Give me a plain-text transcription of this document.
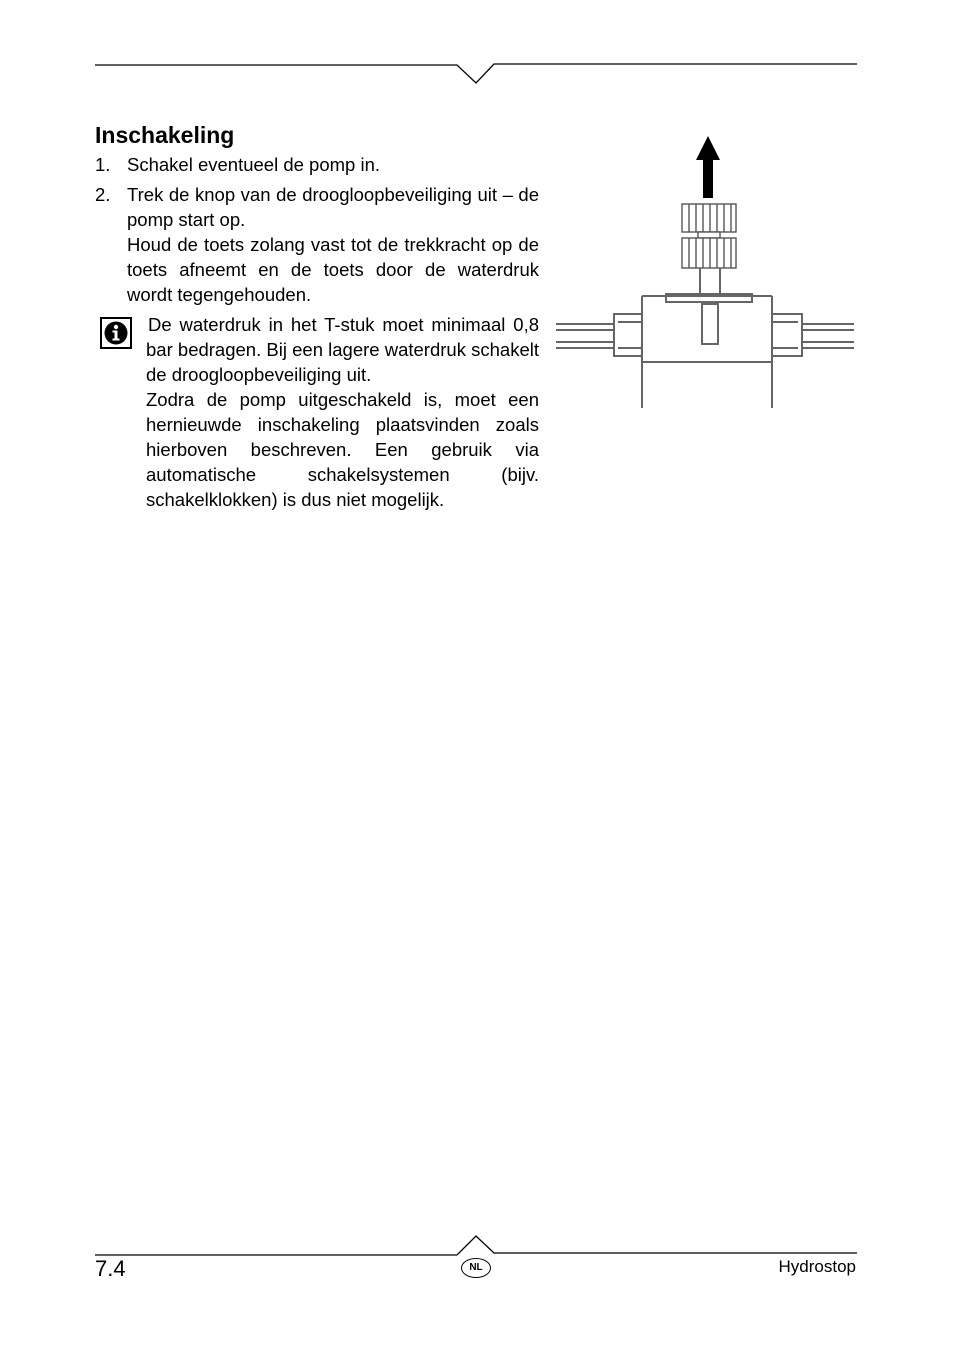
Inschakeling
1. Schakel eventueel de pomp in.
2. Trek de knop van de droogloopbeveiliging uit – de pomp start op.

Houd de toets zolang vast tot de trekkracht op de toets afneemt en de toets door de waterdruk wordt tegengehouden.

De waterdruk in het T-stuk moet minimaal 0,8 bar bedragen. Bij een lagere waterdruk schakelt de droogloopbeveiliging uit.

Zodra de pomp uitgeschakeld is, moet een hernieuwde inschakeling plaatsvinden zoals hierboven beschreven. Een gebruik via automatische schakelsystemen (bijv. schakelklokken) is dus niet mogelijk.

7.4	NL	Hydrostop
